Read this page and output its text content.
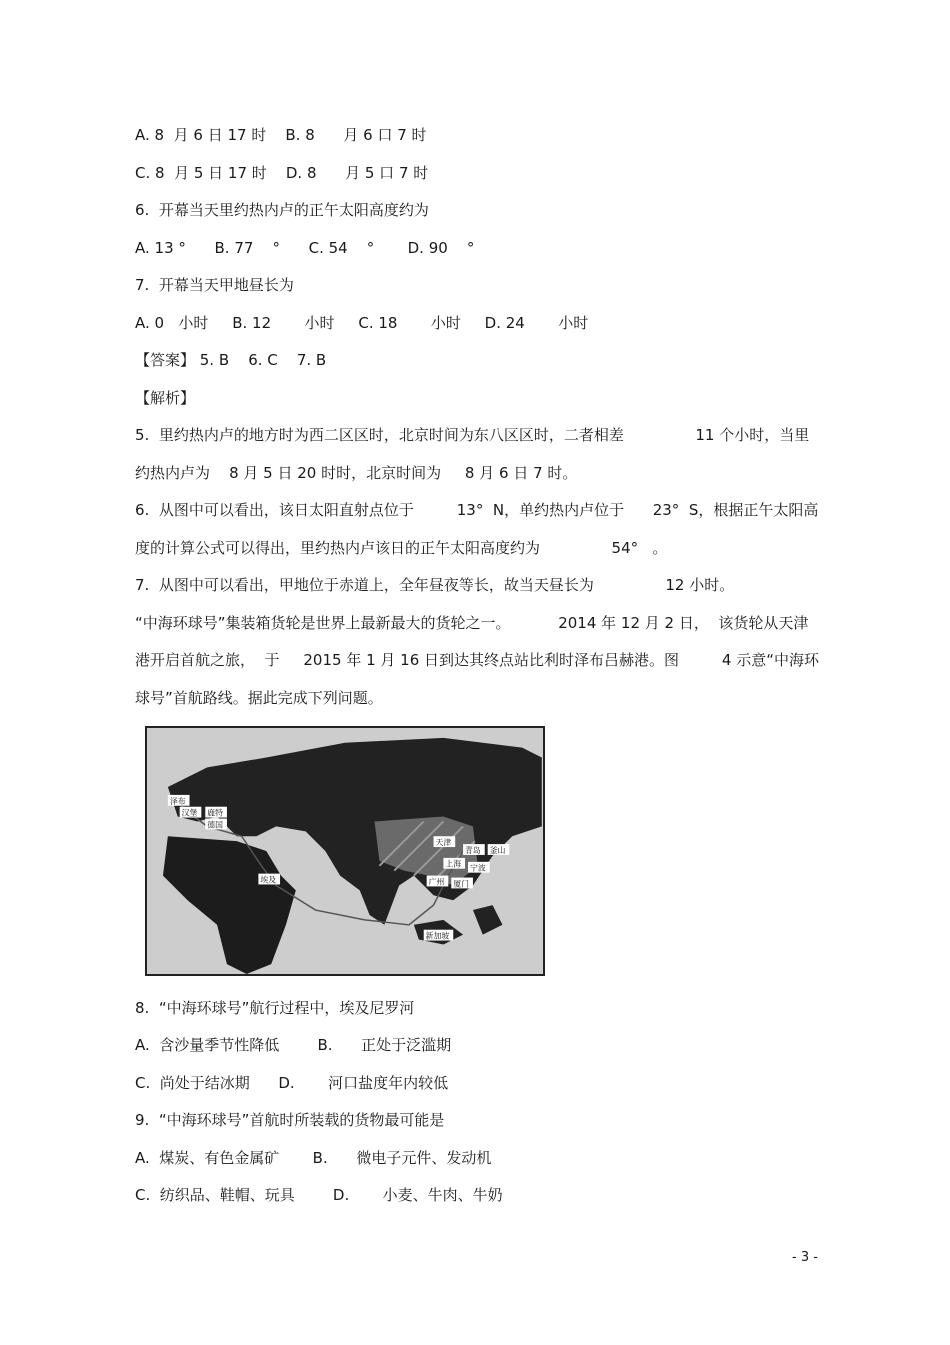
A. 8  月 6 日 17 时    B. 8      月 6 口 7 时
C. 8  月 5 日 17 时    D. 8      月 5 口 7 时
6.  开幕当天里约热内卢的正午太阳高度约为
A. 13 °      B. 77    °      C. 54    °       D. 90    °
7.  开幕当天甲地昼长为
A. 0   小时     B. 12       小时     C. 18       小时     D. 24       小时
【答案】 5. B    6. C    7. B
【解析】
5.  里约热内卢的地方时为西二区区时，北京时间为东八区区时，二者相差               11 个小时，当里
约热内卢为    8 月 5 日 20 时时，北京时间为     8 月 6 日 7 时。
6.  从图中可以看出，该日太阳直射点位于         13°  N，单约热内卢位于      23°  S，根据正午太阳高
度的计算公式可以得出，里约热内卢该日的正午太阳高度约为               54°   。
7.  从图中可以看出，甲地位于赤道上，全年昼夜等长，故当天昼长为               12 小时。
“中海环球号”集装箱货轮是世界上最新最大的货轮之一。          2014 年 12 月 2 日，  该货轮从天津
港开启首航之旅，  于     2015 年 1 月 16 日到达其终点站比利时泽布吕赫港。图         4 示意“中海环
球号”首航路线。据此完成下列问题。
泽布
汉堡 鹿特
德国
埃及
天津
青岛 釜山
上海 宁波
广州 厦门
新加坡
8.  “中海环球号”航行过程中，埃及尼罗河
A.  含沙量季节性降低        B.      正处于泛滥期
C.  尚处于结冰期      D.       河口盐度年内较低
9.  “中海环球号”首航时所装载的货物最可能是
A.  煤炭、有色金属矿       B.      微电子元件、发动机
C.  纺织品、鞋帽、玩具        D.       小麦、牛肉、牛奶
- 3 -
